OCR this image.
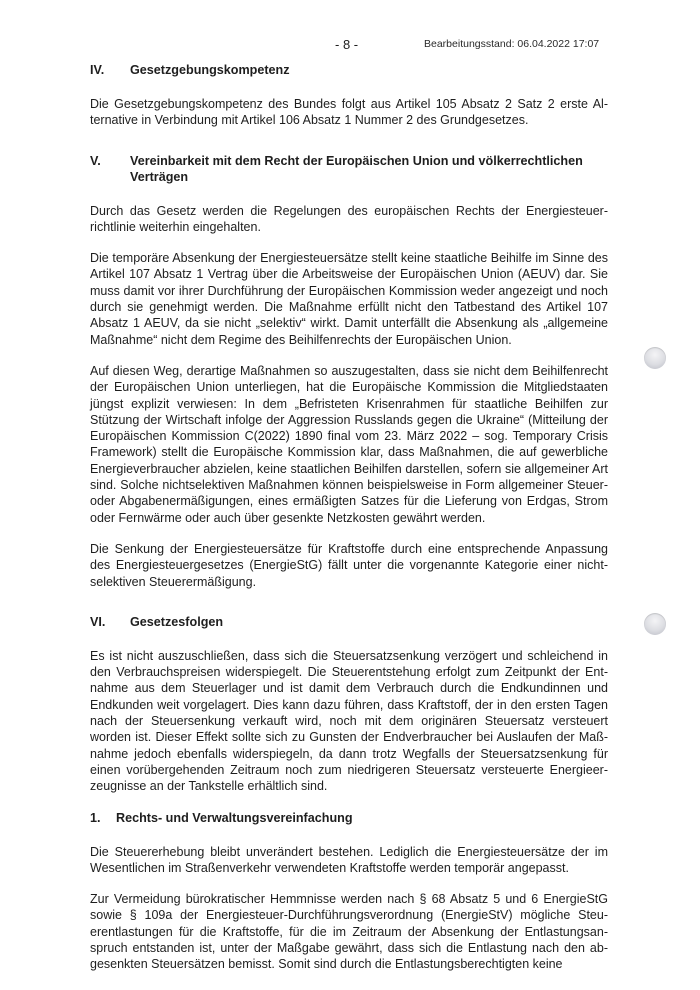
- 8 -	Bearbeitungsstand: 06.04.2022 17:07
IV.	Gesetzgebungskompetenz

Die Gesetzgebungskompetenz des Bundes folgt aus Artikel 105 Absatz 2 Satz 2 erste Alternative in Verbindung mit Artikel 106 Absatz 1 Nummer 2 des Grundgesetzes.

V.	Vereinbarkeit mit dem Recht der Europäischen Union und völkerrechtlichen Verträgen

Durch das Gesetz werden die Regelungen des europäischen Rechts der Energiesteuerrichtlinie weiterhin eingehalten.

Die temporäre Absenkung der Energiesteuersätze stellt keine staatliche Beihilfe im Sinne des Artikel 107 Absatz 1 Vertrag über die Arbeitsweise der Europäischen Union (AEUV) dar. Sie muss damit vor ihrer Durchführung der Europäischen Kommission weder angezeigt und noch durch sie genehmigt werden. Die Maßnahme erfüllt nicht den Tatbestand des Artikel 107 Absatz 1 AEUV, da sie nicht „selektiv“ wirkt. Damit unterfällt die Absenkung als „allgemeine Maßnahme“ nicht dem Regime des Beihilfenrechts der Europäischen Union.

Auf diesen Weg, derartige Maßnahmen so auszugestalten, dass sie nicht dem Beihilfenrecht der Europäischen Union unterliegen, hat die Europäische Kommission die Mitgliedstaaten jüngst explizit verwiesen: In dem „Befristeten Krisenrahmen für staatliche Beihilfen zur Stützung der Wirtschaft infolge der Aggression Russlands gegen die Ukraine“ (Mitteilung der Europäischen Kommission C(2022) 1890 final vom 23. März 2022 – sog. Temporary Crisis Framework) stellt die Europäische Kommission klar, dass Maßnahmen, die auf gewerbliche Energieverbraucher abzielen, keine staatlichen Beihilfen darstellen, sofern sie allgemeiner Art sind. Solche nichtselektiven Maßnahmen können beispielsweise in Form allgemeiner Steuer- oder Abgabenermäßigungen, eines ermäßigten Satzes für die Lieferung von Erdgas, Strom oder Fernwärme oder auch über gesenkte Netzkosten gewährt werden.

Die Senkung der Energiesteuersätze für Kraftstoffe durch eine entsprechende Anpassung des Energiesteuergesetzes (EnergieStG) fällt unter die vorgenannte Kategorie einer nichtselektiven Steuerermäßigung.

VI.	Gesetzesfolgen

Es ist nicht auszuschließen, dass sich die Steuersatzsenkung verzögert und schleichend in den Verbrauchspreisen widerspiegelt. Die Steuerentstehung erfolgt zum Zeitpunkt der Entnahme aus dem Steuerlager und ist damit dem Verbrauch durch die Endkundinnen und Endkunden weit vorgelagert. Dies kann dazu führen, dass Kraftstoff, der in den ersten Tagen nach der Steuersenkung verkauft wird, noch mit dem originären Steuersatz versteuert worden ist. Dieser Effekt sollte sich zu Gunsten der Endverbraucher bei Auslaufen der Maßnahme jedoch ebenfalls widerspiegeln, da dann trotz Wegfalls der Steuersatzsenkung für einen vorübergehenden Zeitraum noch zum niedrigeren Steuersatz versteuerte Energieerzeugnisse an der Tankstelle erhältlich sind.

1.	Rechts- und Verwaltungsvereinfachung

Die Steuererhebung bleibt unverändert bestehen. Lediglich die Energiesteuersätze der im Wesentlichen im Straßenverkehr verwendeten Kraftstoffe werden temporär angepasst.

Zur Vermeidung bürokratischer Hemmnisse werden nach § 68 Absatz 5 und 6 EnergieStG sowie § 109a der Energiesteuer-Durchführungsverordnung (EnergieStV) mögliche Steuerentlastungen für die Kraftstoffe, für die im Zeitraum der Absenkung der Entlastungsanspruch entstanden ist, unter der Maßgabe gewährt, dass sich die Entlastung nach den abgesenkten Steuersätzen bemisst. Somit sind durch die Entlastungsberechtigten keine
